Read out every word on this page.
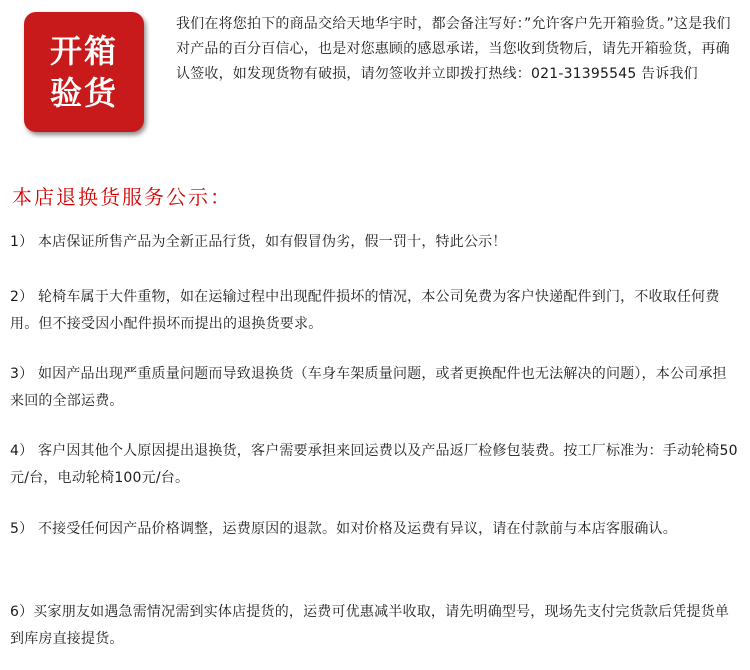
开箱
验货

我们在将您拍下的商品交给天地华宇时，都会备注写好：”允许客户先开箱验货。”这是我们对产品的百分百信心，也是对您惠顾的感恩承诺，当您收到货物后，请先开箱验货，再确认签收，如发现货物有破损，请勿签收并立即拨打热线：021-31395545 告诉我们

本店退换货服务公示：

1） 本店保证所售产品为全新正品行货，如有假冒伪劣，假一罚十，特此公示！

2） 轮椅车属于大件重物，如在运输过程中出现配件损坏的情况，本公司免费为客户快递配件到门，不收取任何费用。但不接受因小配件损坏而提出的退换货要求。

3） 如因产品出现严重质量问题而导致退换货（车身车架质量问题，或者更换配件也无法解决的问题），本公司承担来回的全部运费。

4） 客户因其他个人原因提出退换货，客户需要承担来回运费以及产品返厂检修包装费。按工厂标准为：手动轮椅50元/台，电动轮椅100元/台。

5） 不接受任何因产品价格调整，运费原因的退款。如对价格及运费有异议，请在付款前与本店客服确认。

6）买家朋友如遇急需情况需到实体店提货的，运费可优惠减半收取，请先明确型号，现场先支付完货款后凭提货单到库房直接提货。
